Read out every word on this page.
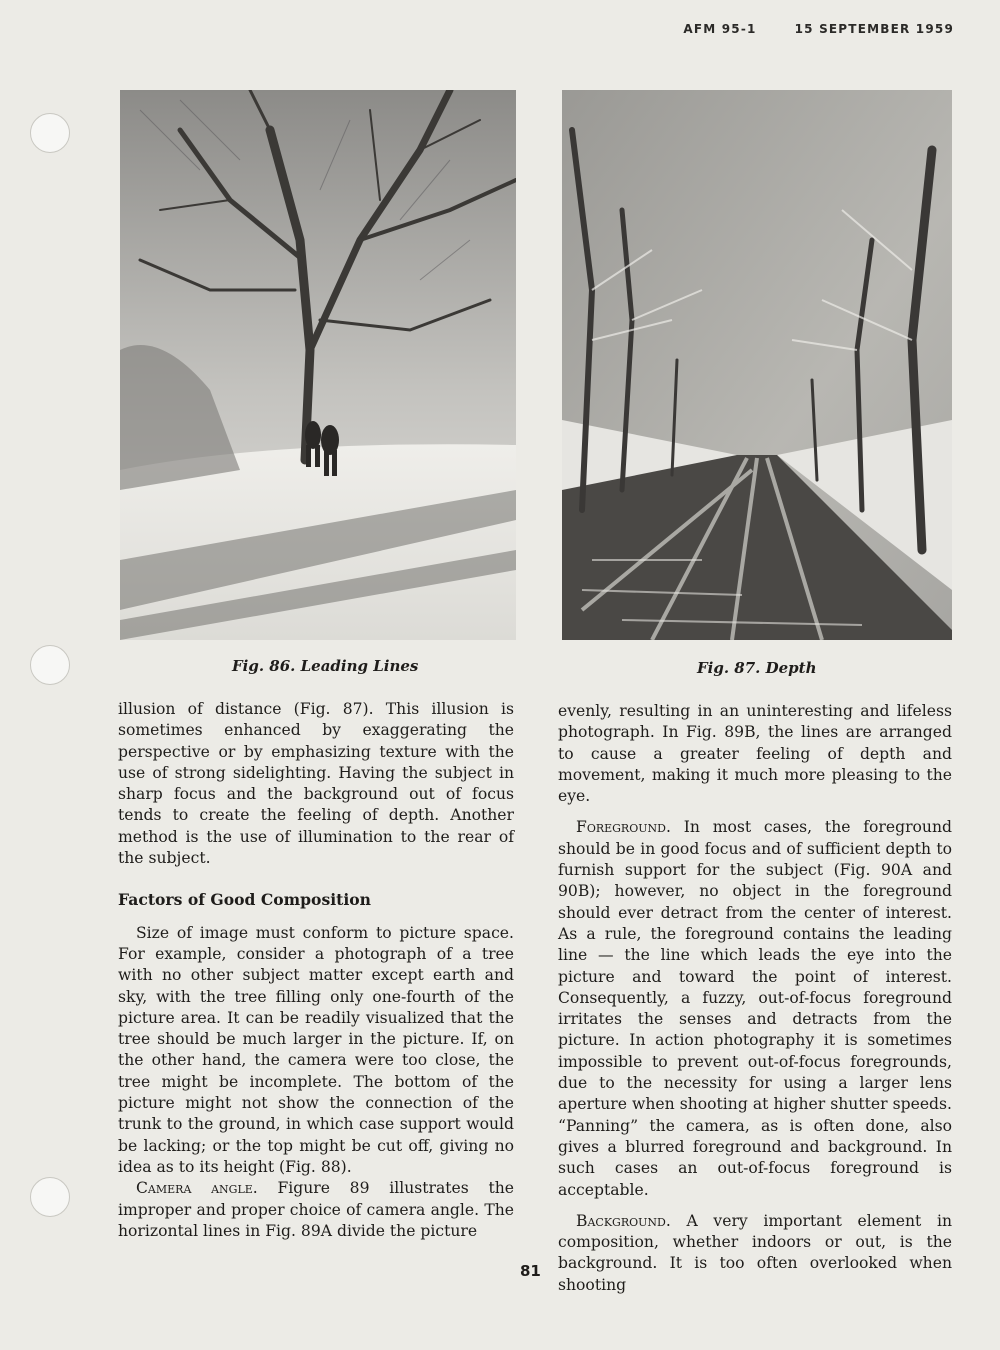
AFM 95-1	15 SEPTEMBER 1959
Fig. 86. Leading Lines	Fig. 87. Depth

illusion of distance (Fig. 87). This illusion is sometimes enhanced by exaggerating the perspective or by emphasizing texture with the use of strong sidelighting. Having the subject in sharp focus and the background out of focus tends to create the feeling of depth. Another method is the use of illumination to the rear of the subject.

Factors of Good Composition

Size of image must conform to picture space. For example, consider a photograph of a tree with no other subject matter except earth and sky, with the tree filling only one-fourth of the picture area. It can be readily visualized that the tree should be much larger in the picture. If, on the other hand, the camera were too close, the tree might be incomplete. The bottom of the picture might not show the connection of the trunk to the ground, in which case support would be lacking; or the top might be cut off, giving no idea as to its height (Fig. 88).

Camera angle. Figure 89 illustrates the improper and proper choice of camera angle. The horizontal lines in Fig. 89A divide the picture

evenly, resulting in an uninteresting and lifeless photograph. In Fig. 89B, the lines are arranged to cause a greater feeling of depth and movement, making it much more pleasing to the eye.

Foreground. In most cases, the foreground should be in good focus and of sufficient depth to furnish support for the subject (Fig. 90A and 90B); however, no object in the foreground should ever detract from the center of interest. As a rule, the foreground contains the leading line — the line which leads the eye into the picture and toward the point of interest. Consequently, a fuzzy, out-of-focus foreground irritates the senses and detracts from the picture. In action photography it is sometimes impossible to prevent out-of-focus foregrounds, due to the necessity for using a larger lens aperture when shooting at higher shutter speeds. “Panning” the camera, as is often done, also gives a blurred foreground and background. In such cases an out-of-focus foreground is acceptable.

Background. A very important element in composition, whether indoors or out, is the background. It is too often overlooked when shooting

81
